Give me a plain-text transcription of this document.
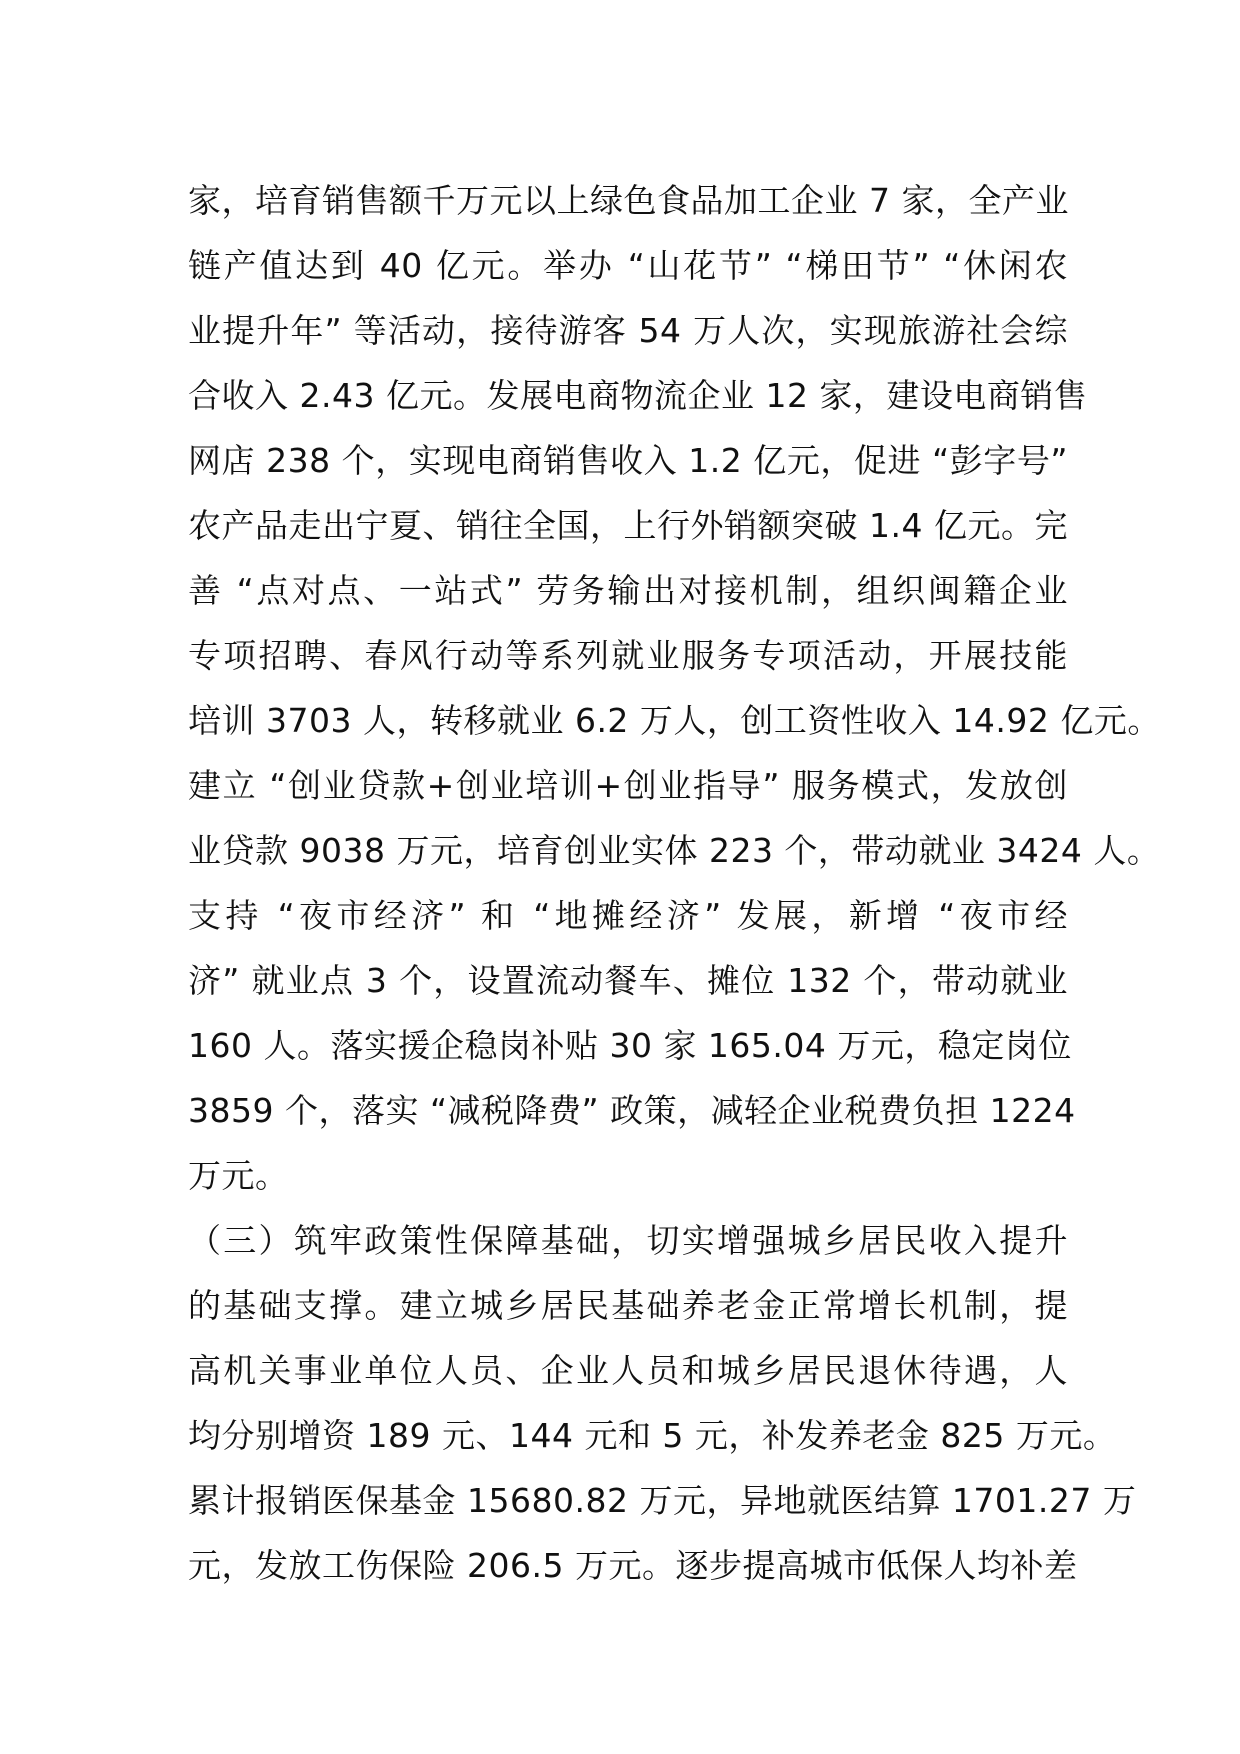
家，培育销售额千万元以上绿色食品加工企业 7 家，全产业
链产值达到 40 亿元。举办 “山花节” “梯田节” “休闲农
业提升年” 等活动，接待游客 54 万人次，实现旅游社会综
合收入 2.43 亿元。发展电商物流企业 12 家，建设电商销售
网店 238 个，实现电商销售收入 1.2 亿元，促进 “彭字号”
农产品走出宁夏、销往全国，上行外销额突破 1.4 亿元。完
善 “点对点、一站式” 劳务输出对接机制，组织闽籍企业
专项招聘、春风行动等系列就业服务专项活动，开展技能
培训 3703 人，转移就业 6.2 万人，创工资性收入 14.92 亿元。
建立 “创业贷款+创业培训+创业指导” 服务模式，发放创
业贷款 9038 万元，培育创业实体 223 个，带动就业 3424 人。
支持 “夜市经济” 和 “地摊经济” 发展，新增 “夜市经
济” 就业点 3 个，设置流动餐车、摊位 132 个，带动就业
160 人。落实援企稳岗补贴 30 家 165.04 万元，稳定岗位
3859 个，落实 “减税降费” 政策，减轻企业税费负担 1224
万元。
（三）筑牢政策性保障基础，切实增强城乡居民收入提升
的基础支撑。建立城乡居民基础养老金正常增长机制，提
高机关事业单位人员、企业人员和城乡居民退休待遇，人
均分别增资 189 元、144 元和 5 元，补发养老金 825 万元。
累计报销医保基金 15680.82 万元，异地就医结算 1701.27 万
元，发放工伤保险 206.5 万元。逐步提高城市低保人均补差
